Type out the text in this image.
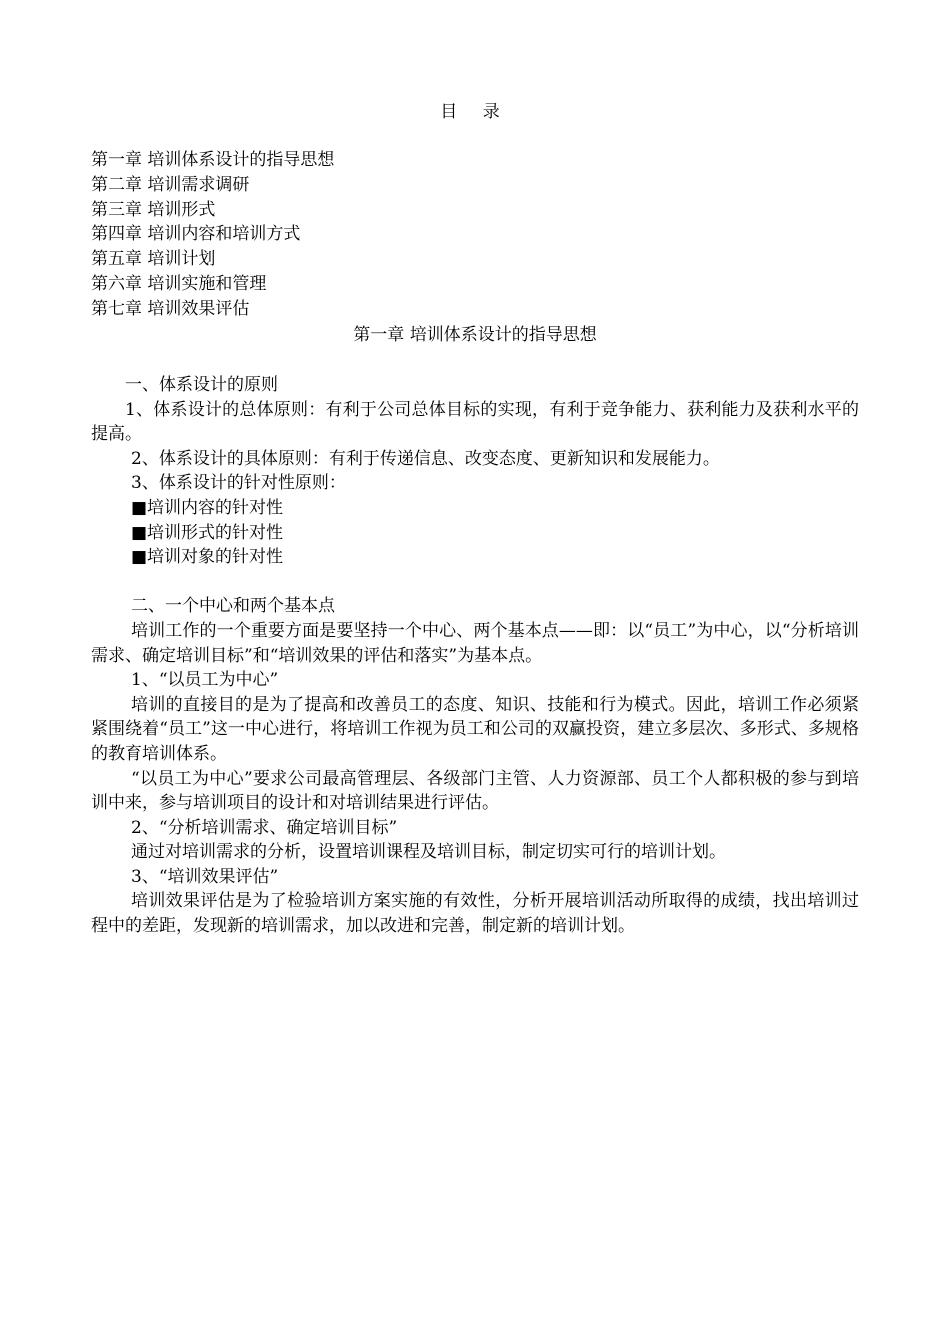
目 录
第一章 培训体系设计的指导思想
第二章 培训需求调研
第三章 培训形式
第四章 培训内容和培训方式
第五章 培训计划
第六章 培训实施和管理
第七章 培训效果评估
第一章 培训体系设计的指导思想

一、体系设计的原则

1、体系设计的总体原则：有利于公司总体目标的实现，有利于竞争能力、获利能力及获利水平的提高。

2、体系设计的具体原则：有利于传递信息、改变态度、更新知识和发展能力。

3、体系设计的针对性原则：

■培训内容的针对性

■培训形式的针对性

■培训对象的针对性

二、一个中心和两个基本点

培训工作的一个重要方面是要坚持一个中心、两个基本点——即：以“员工”为中心，以“分析培训需求、确定培训目标”和“培训效果的评估和落实”为基本点。

1、“以员工为中心”

培训的直接目的是为了提高和改善员工的态度、知识、技能和行为模式。因此，培训工作必须紧紧围绕着“员工”这一中心进行，将培训工作视为员工和公司的双赢投资，建立多层次、多形式、多规格的教育培训体系。

“以员工为中心”要求公司最高管理层、各级部门主管、人力资源部、员工个人都积极的参与到培训中来，参与培训项目的设计和对培训结果进行评估。

2、“分析培训需求、确定培训目标”

通过对培训需求的分析，设置培训课程及培训目标，制定切实可行的培训计划。

3、“培训效果评估”

培训效果评估是为了检验培训方案实施的有效性，分析开展培训活动所取得的成绩，找出培训过程中的差距，发现新的培训需求，加以改进和完善，制定新的培训计划。
